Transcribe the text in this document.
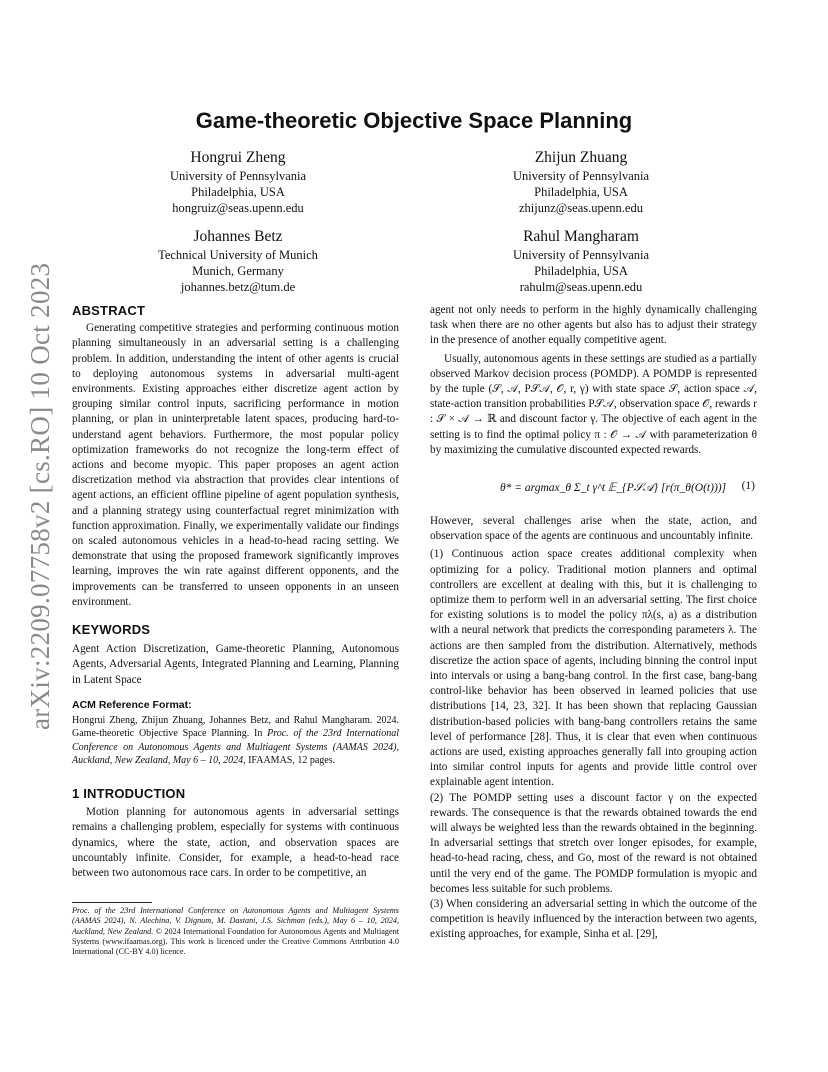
arXiv:2209.07758v2 [cs.RO] 10 Oct 2023
Game-theoretic Objective Space Planning
Hongrui Zheng
University of Pennsylvania
Philadelphia, USA
hongruiz@seas.upenn.edu
Zhijun Zhuang
University of Pennsylvania
Philadelphia, USA
zhijunz@seas.upenn.edu
Johannes Betz
Technical University of Munich
Munich, Germany
johannes.betz@tum.de
Rahul Mangharam
University of Pennsylvania
Philadelphia, USA
rahulm@seas.upenn.edu
ABSTRACT

Generating competitive strategies and performing continuous motion planning simultaneously in an adversarial setting is a challenging problem. In addition, understanding the intent of other agents is crucial to deploying autonomous systems in adversarial multi-agent environments. Existing approaches either discretize agent action by grouping similar control inputs, sacrificing performance in motion planning, or plan in uninterpretable latent spaces, producing hard-to-understand agent behaviors. Furthermore, the most popular policy optimization frameworks do not recognize the long-term effect of actions and become myopic. This paper proposes an agent action discretization method via abstraction that provides clear intentions of agent actions, an efficient offline pipeline of agent population synthesis, and a planning strategy using counterfactual regret minimization with function approximation. Finally, we experimentally validate our findings on scaled autonomous vehicles in a head-to-head racing setting. We demonstrate that using the proposed framework significantly improves learning, improves the win rate against different opponents, and the improvements can be transferred to unseen opponents in an unseen environment.

KEYWORDS

Agent Action Discretization, Game-theoretic Planning, Autonomous Agents, Adversarial Agents, Integrated Planning and Learning, Planning in Latent Space

ACM Reference Format:

Hongrui Zheng, Zhijun Zhuang, Johannes Betz, and Rahul Mangharam. 2024. Game-theoretic Objective Space Planning. In Proc. of the 23rd International Conference on Autonomous Agents and Multiagent Systems (AAMAS 2024), Auckland, New Zealand, May 6 – 10, 2024, IFAAMAS, 12 pages.

1 INTRODUCTION

Motion planning for autonomous agents in adversarial settings remains a challenging problem, especially for systems with continuous dynamics, where the state, action, and observation spaces are uncountably infinite. Consider, for example, a head-to-head race between two autonomous race cars. In order to be competitive, an

Proc. of the 23rd International Conference on Autonomous Agents and Multiagent Systems (AAMAS 2024), N. Alechina, V. Dignum, M. Dastani, J.S. Sichman (eds.), May 6 – 10, 2024, Auckland, New Zealand. © 2024 International Foundation for Autonomous Agents and Multiagent Systems (www.ifaamas.org). This work is licenced under the Creative Commons Attribution 4.0 International (CC-BY 4.0) licence.

agent not only needs to perform in the highly dynamically challenging task when there are no other agents but also has to adjust their strategy in the presence of another equally competitive agent.

Usually, autonomous agents in these settings are studied as a partially observed Markov decision process (POMDP). A POMDP is represented by the tuple (𝒮, 𝒜, P𝒮𝒜, 𝒪, r, γ) with state space 𝒮, action space 𝒜, state-action transition probabilities P𝒮𝒜, observation space 𝒪, rewards r : 𝒮 × 𝒜 → ℝ and discount factor γ. The objective of each agent in the setting is to find the optimal policy π : 𝒪 → 𝒜 with parameterization θ by maximizing the cumulative discounted expected rewards.

θ* = argmax_θ Σ_t γ^t 𝔼_{P𝒮𝒜} [r(π_θ(O(t)))] (1)

However, several challenges arise when the state, action, and observation space of the agents are continuous and uncountably infinite.

(1) Continuous action space creates additional complexity when optimizing for a policy. Traditional motion planners and optimal controllers are excellent at dealing with this, but it is challenging to optimize them to perform well in an adversarial setting. The first choice for existing solutions is to model the policy πλ(s, a) as a distribution with a neural network that predicts the corresponding parameters λ. The actions are then sampled from the distribution. Alternatively, methods discretize the action space of agents, including binning the control input into intervals or using a bang-bang control. In the first case, bang-bang control-like behavior has been observed in learned policies that use distributions [14, 23, 32]. It has been shown that replacing Gaussian distribution-based policies with bang-bang controllers retains the same level of performance [28]. Thus, it is clear that even when continuous actions are used, existing approaches generally fall into grouping action into similar control inputs for agents and provide little control over explainable agent intention.

(2) The POMDP setting uses a discount factor γ on the expected rewards. The consequence is that the rewards obtained towards the end will always be weighted less than the rewards obtained in the beginning. In adversarial settings that stretch over longer episodes, for example, head-to-head racing, chess, and Go, most of the reward is not obtained until the very end of the game. The POMDP formulation is myopic and becomes less suitable for such problems.

(3) When considering an adversarial setting in which the outcome of the competition is heavily influenced by the interaction between two agents, existing approaches, for example, Sinha et al. [29],
